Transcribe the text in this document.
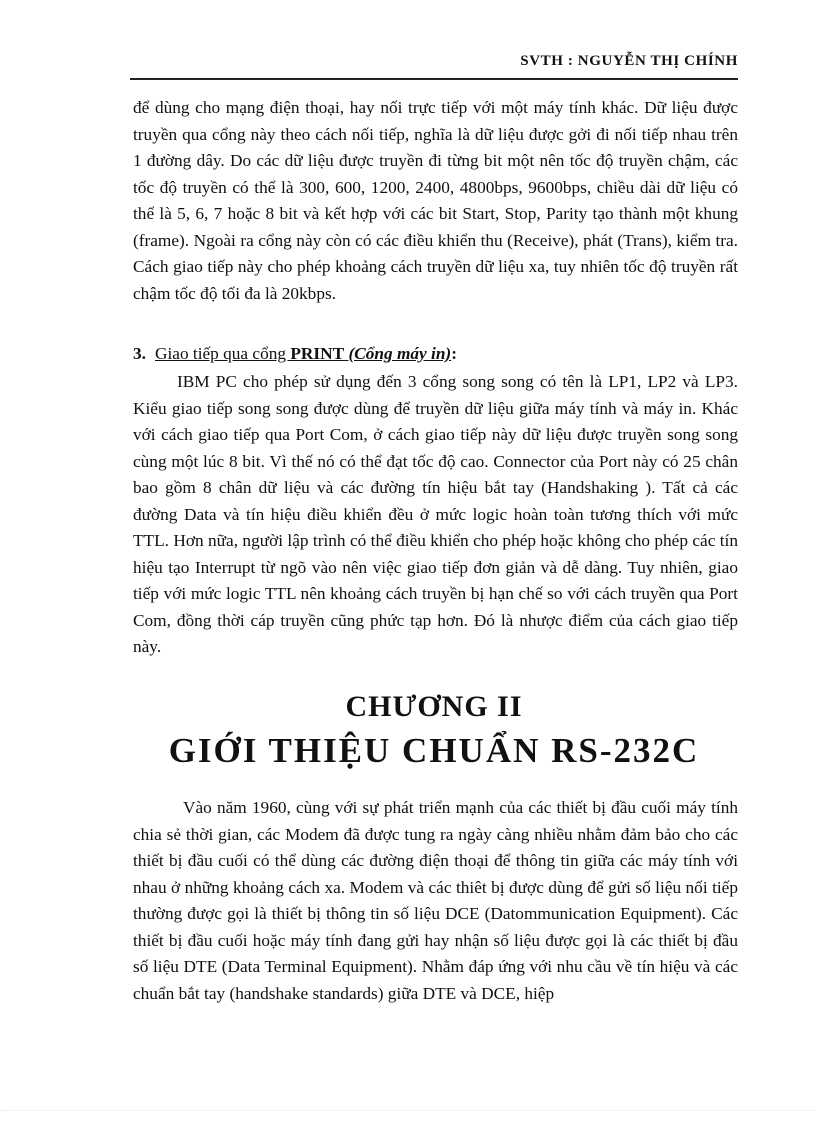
SVTH : NGUYỄN THỊ CHÍNH

để dùng cho mạng điện thoại, hay nối trực tiếp với một máy tính khác. Dữ liệu được truyền qua cổng này theo cách nối tiếp, nghĩa là dữ liệu được gởi đi nối tiếp nhau trên 1 đường dây. Do các dữ liệu được truyền đi từng bit một nên tốc độ truyền chậm, các tốc độ truyền có thể là 300, 600, 1200, 2400, 4800bps, 9600bps, chiều dài dữ liệu có thể là 5, 6, 7 hoặc 8 bit và kết hợp với các bit Start, Stop, Parity tạo thành một khung (frame). Ngoài ra cổng này còn có các điều khiển thu (Receive), phát (Trans), kiểm tra. Cách giao tiếp này cho phép khoảng cách truyền dữ liệu xa, tuy nhiên tốc độ truyền rất chậm tốc độ tối đa là 20kbps.

3. Giao tiếp qua cổng PRINT (Cổng máy in):

IBM PC cho phép sử dụng đến 3 cổng song song có tên là LP1, LP2 và LP3. Kiểu giao tiếp song song được dùng để truyền dữ liệu giữa máy tính và máy in. Khác với cách giao tiếp qua Port Com, ở cách giao tiếp này dữ liệu được truyền song song cùng một lúc 8 bit. Vì thế nó có thể đạt tốc độ cao. Connector của Port này có 25 chân bao gồm 8 chân dữ liệu và các đường tín hiệu bắt tay (Handshaking ). Tất cả các đường Data và tín hiệu điều khiển đều ở mức logic hoàn toàn tương thích với mức TTL. Hơn nữa, người lập trình có thể điều khiển cho phép hoặc không cho phép các tín hiệu tạo Interrupt từ ngõ vào nên việc giao tiếp đơn giản và dễ dàng. Tuy nhiên, giao tiếp với mức logic TTL nên khoảng cách truyền bị hạn chế so với cách truyền qua Port Com, đồng thời cáp truyền cũng phức tạp hơn. Đó là nhược điểm của cách giao tiếp này.

CHƯƠNG II
GIỚI THIỆU CHUẨN RS-232C

Vào năm 1960, cùng với sự phát triển mạnh của các thiết bị đầu cuối máy tính chia sẻ thời gian, các Modem đã được tung ra ngày càng nhiều nhằm đảm bảo cho các thiết bị đầu cuối có thể dùng các đường điện thoại để thông tin giữa các máy tính với nhau ở những khoảng cách xa. Modem và các thiêt bị được dùng để gửi số liệu nối tiếp thường được gọi là thiết bị thông tin số liệu DCE (Datommunication Equipment). Các thiết bị đầu cuối hoặc máy tính đang gửi hay nhận số liệu được gọi là các thiết bị đầu số liệu DTE (Data Terminal Equipment). Nhằm đáp ứng với nhu cầu về tín hiệu và các chuẩn bắt tay (handshake standards) giữa DTE và DCE, hiệp
